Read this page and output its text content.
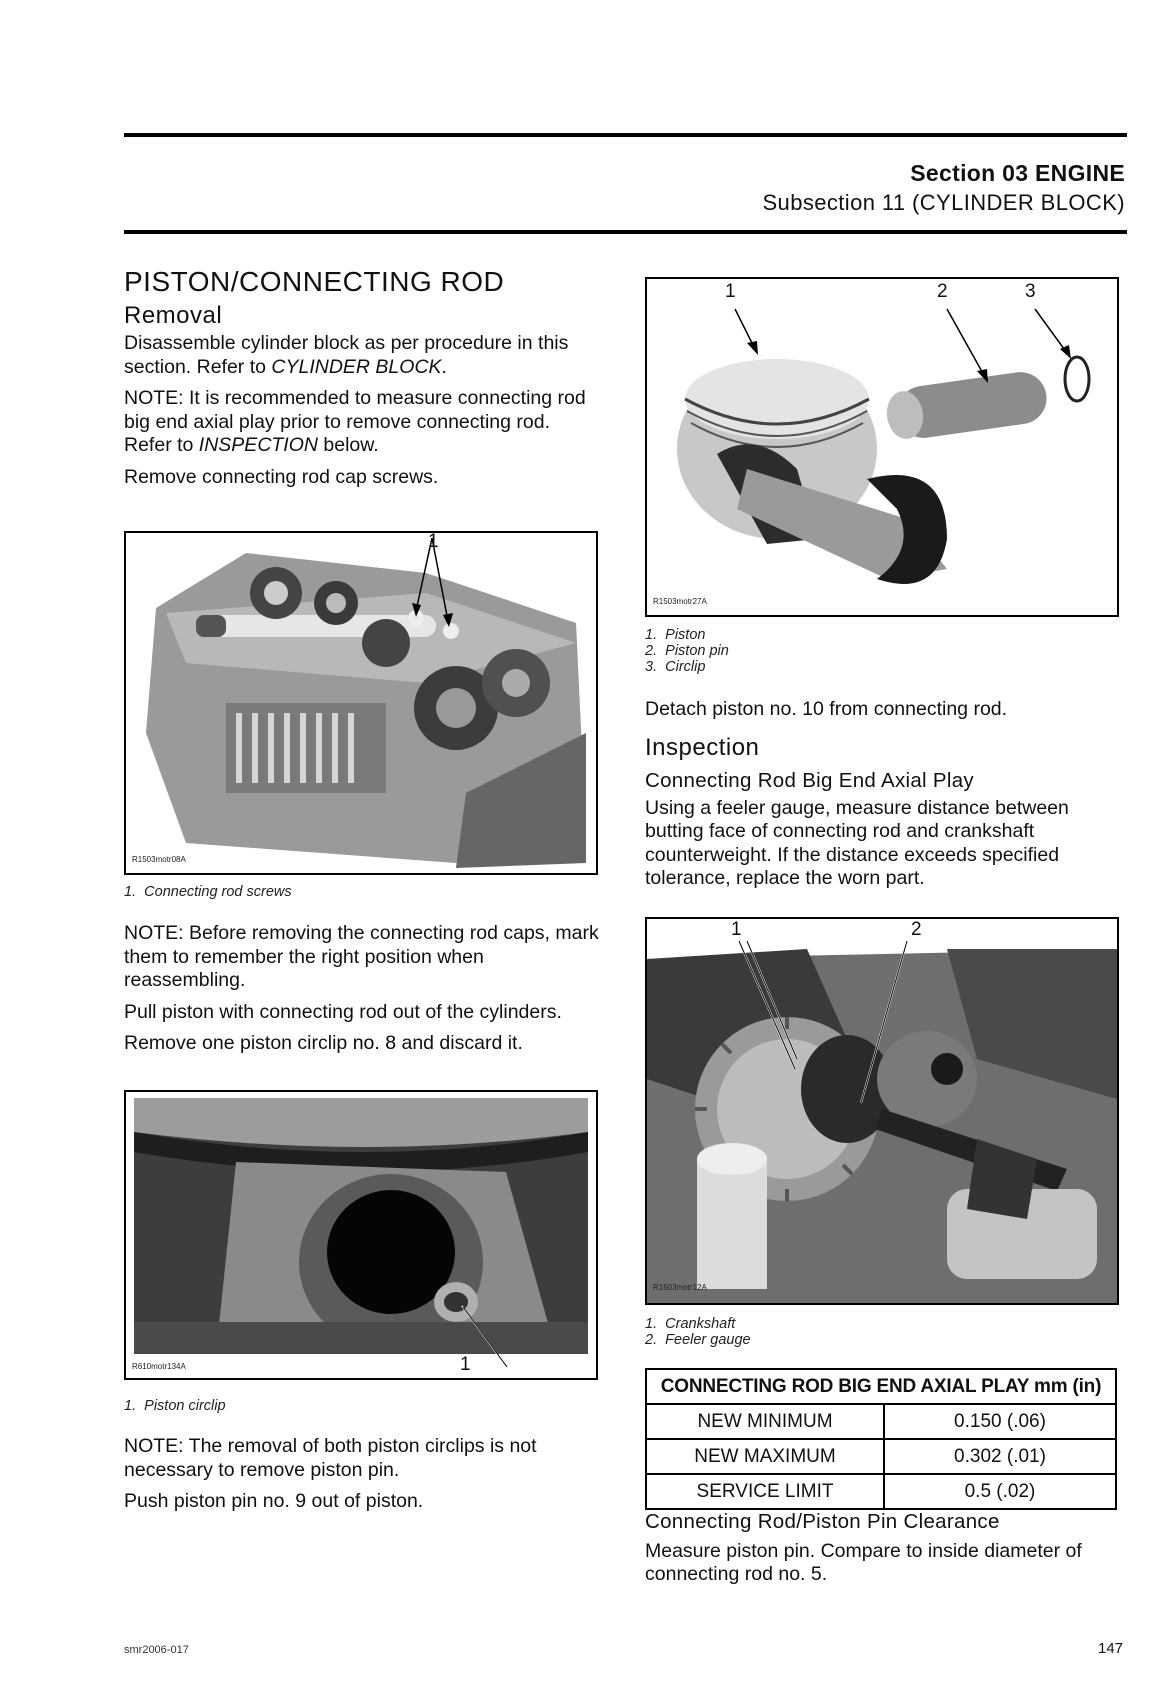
Section 03 ENGINE
Subsection 11 (CYLINDER BLOCK)
PISTON/CONNECTING ROD
Removal

Disassemble cylinder block as per procedure in this section. Refer to CYLINDER BLOCK.

NOTE: It is recommended to measure connecting rod big end axial play prior to remove connecting rod. Refer to INSPECTION below.

Remove connecting rod cap screws.

1
R1503motr08A
1. Connecting rod screws

NOTE: Before removing the connecting rod caps, mark them to remember the right position when reassembling.

Pull piston with connecting rod out of the cylinders.

Remove one piston circlip no. 8 and discard it.

1
R610motr134A
1. Piston circlip

NOTE: The removal of both piston circlips is not necessary to remove piston pin.

Push piston pin no. 9 out of piston.

1	2	3
R1503motr27A
1. Piston
2. Piston pin
3. Circlip

Detach piston no. 10 from connecting rod.

Inspection
Connecting Rod Big End Axial Play

Using a feeler gauge, measure distance between butting face of connecting rod and crankshaft counterweight. If the distance exceeds specified tolerance, replace the worn part.

1	2
R1503motr12A
1. Crankshaft
2. Feeler gauge
CONNECTING ROD BIG END AXIAL PLAY mm (in)	
NEW MINIMUM	0.150 (.06)
NEW MAXIMUM	0.302 (.01)
SERVICE LIMIT	0.5 (.02)
Connecting Rod/Piston Pin Clearance

Measure piston pin. Compare to inside diameter of connecting rod no. 5.

smr2006-017	147
